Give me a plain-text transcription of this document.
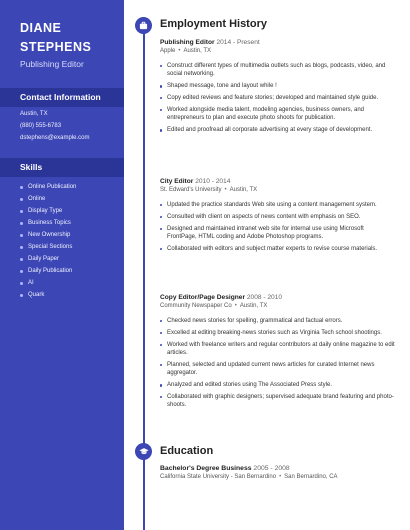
DIANE
STEPHENS
Publishing Editor
Contact Information
Austin, TX
(880) 555-6783
dstephens@example.com
Skills
Online Publication
Online
Display Type
Business Topics
New Ownership
Special Sections
Daily Paper
Daily Publication
AI
Quark
Employment History
Publishing Editor 2014 - Present
Apple • Austin, TX
Construct different types of multimedia outlets such as blogs, podcasts, video, and social networking.
Shaped message, tone and layout while !
Copy edited reviews and feature stories; developed and maintained style guide.
Worked alongside media talent, modeling agencies, business owners, and entrepreneurs to plan and execute photo shoots for publication.
Edited and proofread all corporate advertising at every stage of development.
City Editor 2010 - 2014
St. Edward's University • Austin, TX
Updated the practice standards Web site using a content management system.
Consulted with client on aspects of news content with emphasis on SEO.
Designed and maintained intranet web site for internal use using Microsoft FrontPage, HTML coding and Adobe Photoshop programs.
Collaborated with editors and subject matter experts to revise course materials.
Copy Editor/Page Designer 2008 - 2010
Community Newspaper Co • Austin, TX
Checked news stories for spelling, grammatical and factual errors.
Excelled at editing breaking-news stories such as Virginia Tech school shootings.
Worked with freelance writers and regular contributors at daily online magazine to edit articles.
Planned, selected and updated current news articles for curated Internet news aggregator.
Analyzed and edited stories using The Associated Press style.
Collaborated with graphic designers; supervised adequate brand featuring and photo-shoots.
Education
Bachelor's Degree Business 2005 - 2008
California State University - San Bernardino • San Bernardino, CA
